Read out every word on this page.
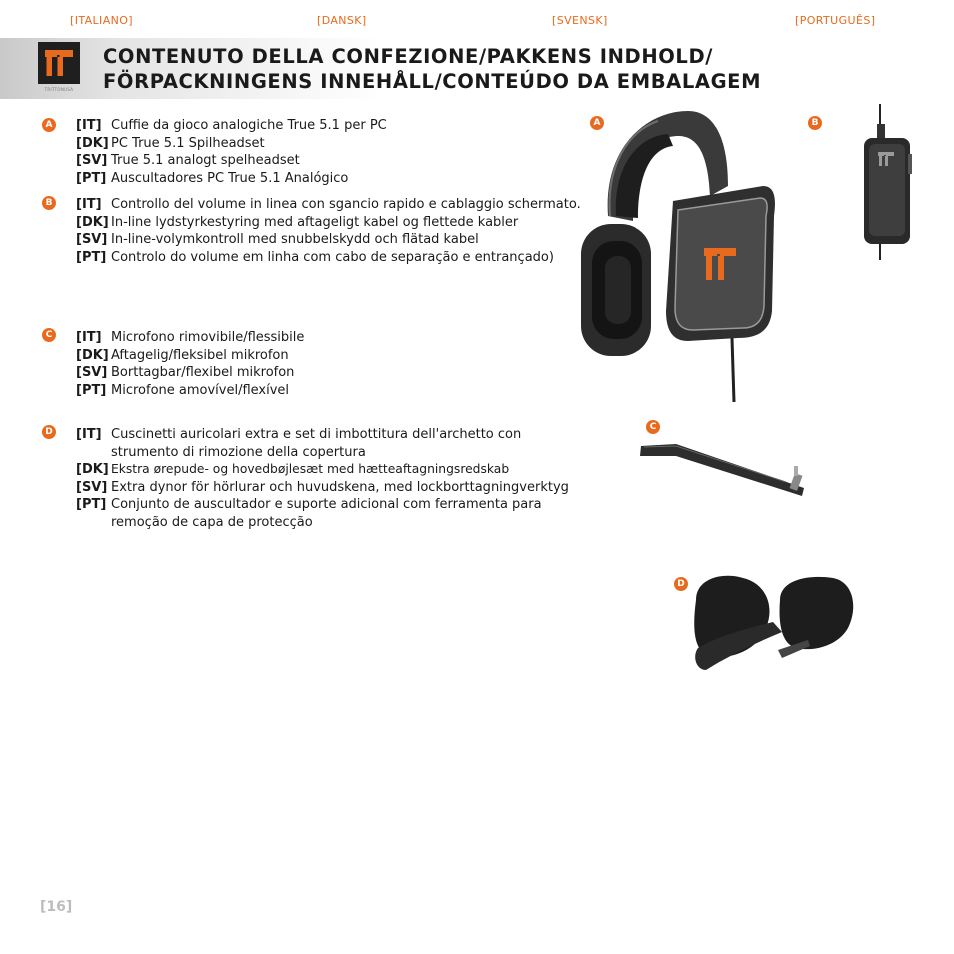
[ITALIANO]	[DANSK]	[SVENSK]	[PORTUGUÊS]
TRITTONUSA
CONTENUTO DELLA CONFEZIONE/PAKKENS INDHOLD/
FÖRPACKNINGENS INNEHÅLL/CONTEÚDO DA EMBALAGEM
A [IT] Cuffie da gioco analogiche True 5.1 per PC
[DK] PC True 5.1 Spilheadset
[SV] True 5.1 analogt spelheadset
[PT] Auscultadores PC True 5.1 Analógico
B [IT] Controllo del volume in linea con sgancio rapido e cablaggio schermato.
[DK] In-line lydstyrkestyring med aftageligt kabel og flettede kabler
[SV] In-line-volymkontroll med snubbelskydd och flätad kabel
[PT] Controlo do volume em linha com cabo de separação e entrançado)
C [IT] Microfono rimovibile/flessibile
[DK] Aftagelig/fleksibel mikrofon
[SV] Borttagbar/flexibel mikrofon
[PT] Microfone amovível/flexível
D [IT] Cuscinetti auricolari extra e set di imbottitura dell'archetto con strumento di rimozione della copertura
[DK] Ekstra ørepude- og hovedbøjlesæt med hætteaftagningsredskab
[SV] Extra dynor för hörlurar och huvudskena, med lockborttagningverktyg
[PT] Conjunto de auscultador e suporte adicional com ferramenta para remoção de capa de protecção
A	B
C
D
[16]
